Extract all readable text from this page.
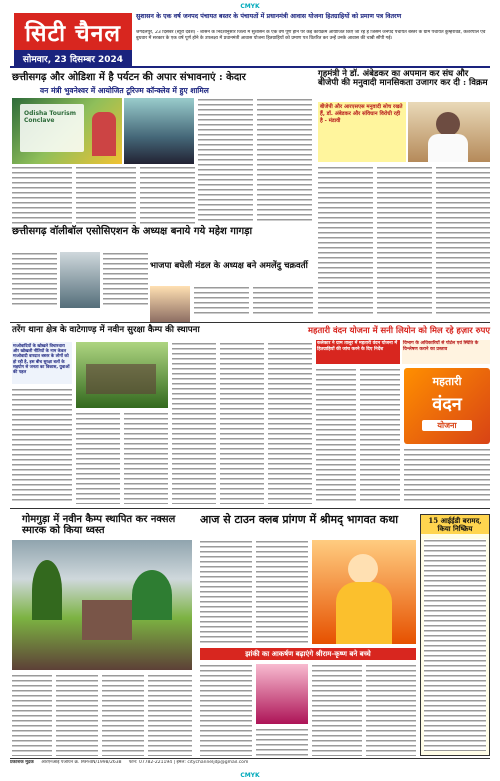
CMYK
CMYK
सिटी चैनल
सोमवार, 23 दिसम्बर 2024
सुशासन के एक वर्ष जनपद पंचायत बस्तर के पंचायतों में प्रधानमंत्री आवास योजना हितग्राहियों को प्रमाण पत्र वितरण
जगदलपुर, 23 दिसंबर (ब्यूरो देवेश) - शासन के निर्देशानुसार जिला में सुशासन के एक वर्ष पूर्ण होने पर कई कार्यक्रम आयोजित किए जा रहे हैं जिसमें जनपद पंचायत बस्तर के ग्राम पंचायत कुम्हरावंड, केशरपाल एवं बुधवार में सरकार के एक वर्ष पूर्ण होने के उपलक्ष्य में प्रधानमंत्री आवास योजना हितग्राहियों को प्रमाण पत्र वितरित कर उन्हें उनके आवास की चाबी सौंपी गई।
छत्तीसगढ़ और ओडिशा में है पर्यटन की अपार संभावनाएं : केदार
वन मंत्री भुवनेश्वर में आयोजित टूरिज्म कॉन्क्लेव में हुए शामिल
Odisha Tourism Conclave
गृहमंत्री ने डॉ. अंबेडकर का अपमान कर संघ और बीजेपी की मनुवादी मानसिकता उजागर कर दी : विक्रम
बीजेपी और आरएसएस मनुवादी सोच रखते हैं, डॉ. अंबेडकर और संविधान विरोधी रही है - मंडावी
छत्तीसगढ़ वॉलीबॉल एसोसिएशन के अध्यक्ष बनाये गये महेश गागड़ा
भाजपा बघेली मंडल के अध्यक्ष बने अमलेंदु चक्रवर्ती
तरेंग थाना क्षेत्र के वाटेगाण्ड़ में नवीन सुरक्षा कैम्प की स्थापना
माओवादियों के खोखले विचारधारा और खोखली नीतियों के नाम केवल माओवादी वारदात बस्तर के लोगों को हो रही है, इस बीच सुरक्षा बलों के सहयोग से जनता का विकास, युवाओं की पहल
महतारी वंदन योजना में सनी लियोन को मिल रहे हज़ार रुपए
कलेक्टर ने ग्राम तालूर में महतारी वंदन योजना में हितग्राहियों की जांच करने के दिए निर्देश
विभाग के अधिकारियों से पोर्टल एवं स्थिति के विश्लेषण कराने का प्रस्ताव
महतारी
वंदन
योजना
गोमगुड़ा में नवीन कैम्प स्थापित कर नक्सल स्मारक को किया ध्वस्त
आज से टाउन क्लब प्रांगण में श्रीमद्‌ भागवत कथा
झांकी का आकर्षण बढ़ाएंगे श्रीराम-कृष्ण बने बच्चे
15 आईईडी बरामद, किया निष्क्रिय
प्रकाशक मुद्रक आरएनआई पंजीयन क्र. MPHIN/1998/2638 फोन: 07782-221194 | ईमेल: citychanneljdp@gmail.com
